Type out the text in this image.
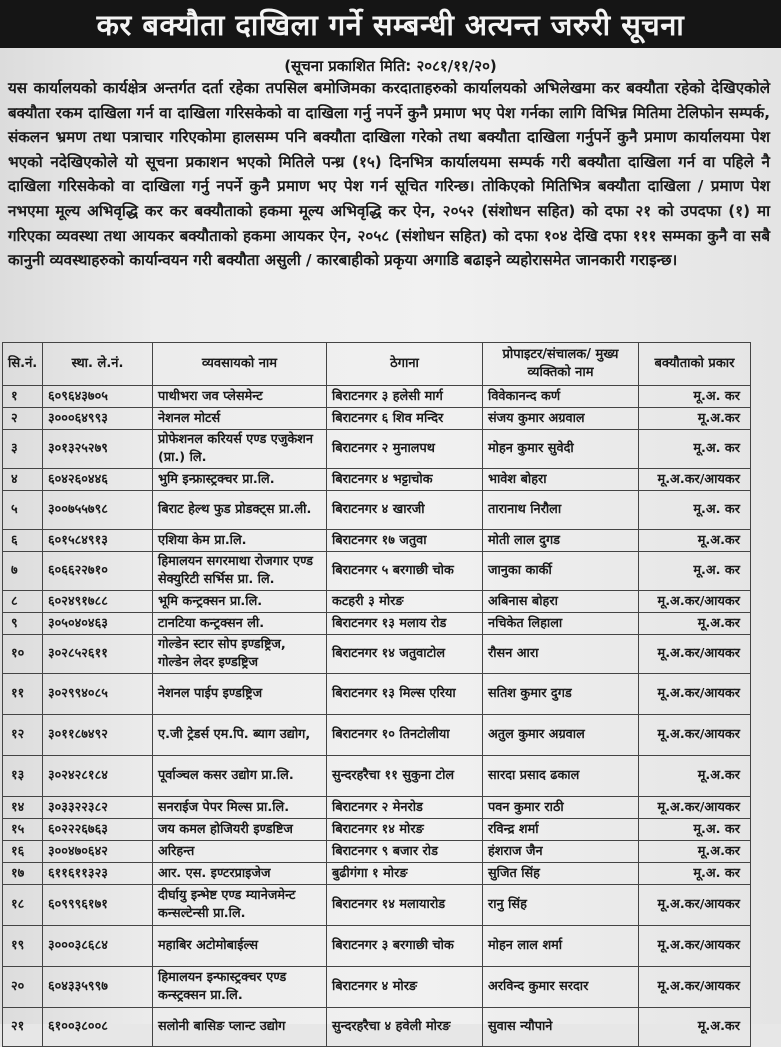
कर बक्यौता दाखिला गर्ने सम्बन्धी अत्यन्त जरुरी सूचना
(सूचना प्रकाशित मिति: २०८१/११/२०)

यस कार्यालयको कार्यक्षेत्र अन्तर्गत दर्ता रहेका तपसिल बमोजिमका करदाताहरुको कार्यालयको अभिलेखमा कर बक्यौता रहेको देखिएकोले बक्यौता रकम दाखिला गर्न वा दाखिला गरिसकेको वा दाखिला गर्नु नपर्ने कुनै प्रमाण भए पेश गर्नका लागि विभिन्न मितिमा टेलिफोन सम्पर्क, संकलन भ्रमण तथा पत्राचार गरिएकोमा हालसम्म पनि बक्यौता दाखिला गरेको तथा बक्यौता दाखिला गर्नुपर्ने कुनै प्रमाण कार्यालयमा पेश भएको नदेखिएकोले यो सूचना प्रकाशन भएको मितिले पन्ध्र (१५) दिनभित्र कार्यालयमा सम्पर्क गरी बक्यौता दाखिला गर्न वा पहिले नै दाखिला गरिसकेको वा दाखिला गर्नु नपर्ने कुनै प्रमाण भए पेश गर्न सूचित गरिन्छ। तोकिएको मितिभित्र बक्यौता दाखिला / प्रमाण पेश नभएमा मूल्य अभिवृद्धि कर कर बक्यौताको हकमा मूल्य अभिवृद्धि कर ऐन, २०५२ (संशोधन सहित) को दफा २१ को उपदफा (१) मा गरिएका व्यवस्था तथा आयकर बक्यौताको हकमा आयकर ऐन, २०५८ (संशोधन सहित) को दफा १०४ देखि दफा १११ सम्मका कुनै वा सबै कानुनी व्यवस्थाहरुको कार्यान्वयन गरी बक्यौता असुली / कारबाहीको प्रकृया अगाडि बढाइने व्यहोरासमेत जानकारी गराइन्छ।

सि.नं.	स्था. ले.नं.	व्यवसायको नाम	ठेगाना	प्रोपाइटर/संचालक/ मुख्य व्यक्तिको नाम	बक्यौताको प्रकार
१	६०९६४३७०५	पाथीभरा जव प्लेसमेन्ट	बिराटनगर ३ हलेसी मार्ग	विवेकानन्द कर्ण	मू.अ. कर
२	३०००६४९९३	नेशनल मोटर्स	बिराटनगर ६ शिव मन्दिर	संजय कुमार अग्रवाल	मू.अ.कर
३	३०१३२५२७९	प्रोफेशनल करियर्स एण्ड एजुकेशन (प्रा.) लि.	बिराटनगर २ मुनालपथ	मोहन कुमार सुवेदी	मू.अ. कर
४	६०४२६०४४६	भुमि इन्फ्रास्ट्रक्चर प्रा.लि.	बिराटनगर ४ भट्टाचोक	भावेश बोहरा	मू.अ.कर/आयकर
५	३००७५५७९८	बिराट हेल्थ फुड प्रोडक्ट्स प्रा.ली.	बिराटनगर ४ खारजी	तारानाथ निरौला	मू.अ. कर
६	६०१५८४९१३	एशिया केम प्रा.लि.	बिराटनगर १७ जतुवा	मोती लाल दुगड	मू.अ.कर
७	६०६६२२७१०	हिमालयन सगरमाथा रोजगार एण्ड सेक्युरिटी सर्भिस प्रा. लि.	बिराटनगर ५ बरगाछी चोक	जानुका कार्की	मू.अ. कर
८	६०२४९१७८८	भूमि कन्ट्रक्सन प्रा.लि.	कटहरी ३ मोरङ	अबिनास बोहरा	मू.अ.कर/आयकर
९	३०५०४०४६३	टानटिया कन्ट्रक्सन ली.	बिराटनगर १३ मलाय रोड	नचिकेत लिहाला	मू.अ.कर
१०	३०२८५२६११	गोल्डेन स्टार सोप इण्डष्ट्रिज, गोल्डेन लेदर इण्डष्ट्रिज	बिराटनगर १४ जतुवाटोल	रौसन आरा	मू.अ.कर/आयकर
११	३०२९९४०८५	नेशनल पाईप इण्डष्ट्रिज	बिराटनगर १३ मिल्स एरिया	सतिश कुमार दुगड	मू.अ.कर/आयकर
१२	३०११८७४९२	ए.जी ट्रेडर्स एम.पि. ब्याग उद्योग,	बिराटनगर १० तिनटोलीया	अतुल कुमार अग्रवाल	मू.अ.कर/आयकर
१३	३०२४२८१८४	पूर्वाञ्चल कसर उद्योग प्रा.लि.	सुन्दरहरैचा ११ सुकुना टोल	सारदा प्रसाद ढकाल	मू.अ.कर
१४	३०३३२२३८२	सनराईज पेपर मिल्स प्रा.लि.	बिराटनगर २ मेनरोड	पवन कुमार राठी	मू.अ.कर/आयकर
१५	६०२२२६७६३	जय कमल होजियरी इण्डष्टिज	बिराटनगर १४ मोरङ	रविन्द्र शर्मा	मू.अ. कर
१६	३००४७०६४२	अरिहन्त	बिराटनगर ९ बजार रोड	हंशराज जैन	मू.अ.कर
१७	६११६११३२३	आर. एस. इण्टरप्राइजेज	बुढीगंगा १ मोरङ	सुजित सिंह	मू.अ. कर
१८	६०९९९६१७१	दीर्घायु इन्भेष्ट एण्ड म्यानेजमेन्ट कन्सल्टेन्सी प्रा.लि.	बिराटनगर १४ मलायारोड	रानु सिंह	मू.अ.कर/आयकर
१९	३०००३८६८४	महाबिर अटोमोबाईल्स	बिराटनगर ३ बरगाछी चोक	मोहन लाल शर्मा	मू.अ.कर/आयकर
२०	६०४३३५९९७	हिमालयन इन्फास्ट्रक्चर एण्ड कन्स्ट्रक्सन प्रा.लि.	बिराटनगर ४ मोरङ	अरविन्द कुमार सरदार	मू.अ.कर/आयकर
२१	६१००३८००८	सलोनी बासिङ प्लान्ट उद्योग	सुन्दरहरैचा ४ हवेली मोरङ	सुवास न्यौपाने	मू.अ.कर
